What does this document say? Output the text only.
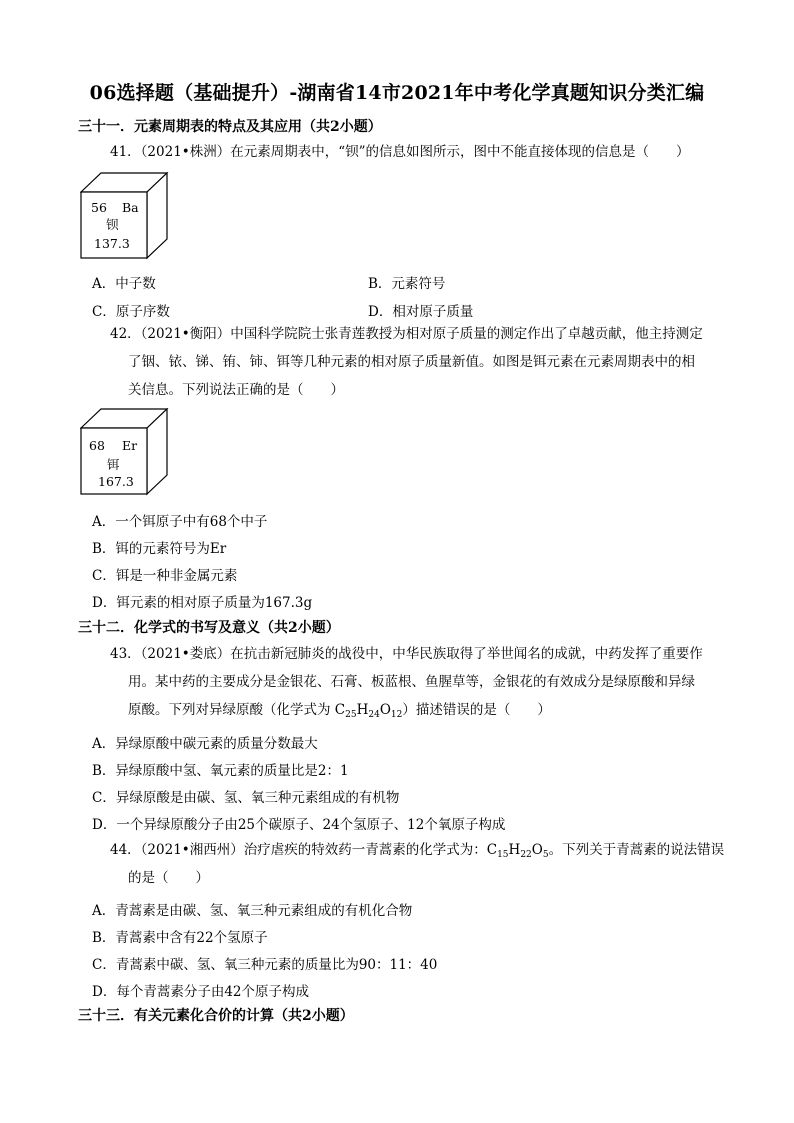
06选择题（基础提升）-湖南省14市2021年中考化学真题知识分类汇编
三十一．元素周期表的特点及其应用（共2小题）
41．（2021•株洲）在元素周期表中，“钡”的信息如图所示，图中不能直接体现的信息是（　　）
56 Ba
钡
137.3
A．中子数	B．元素符号
C．原子序数	D．相对原子质量
42．（2021•衡阳）中国科学院院士张青莲教授为相对原子质量的测定作出了卓越贡献，他主持测定
了铟、铱、锑、铕、铈、铒等几种元素的相对原子质量新值。如图是铒元素在元素周期表中的相
关信息。下列说法正确的是（　　）
68 Er
铒
167.3
A．一个铒原子中有68个中子
B．铒的元素符号为Er
C．铒是一种非金属元素
D．铒元素的相对原子质量为167.3g
三十二．化学式的书写及意义（共2小题）
43．（2021•娄底）在抗击新冠肺炎的战役中，中华民族取得了举世闻名的成就，中药发挥了重要作
用。某中药的主要成分是金银花、石膏、板蓝根、鱼腥草等，金银花的有效成分是绿原酸和异绿
原酸。下列对异绿原酸（化学式为 $C_{25}H_{24}O_{12}$）描述错误的是（　　）
A．异绿原酸中碳元素的质量分数最大
B．异绿原酸中氢、氧元素的质量比是2：1
C．异绿原酸是由碳、氢、氧三种元素组成的有机物
D．一个异绿原酸分子由25个碳原子、24个氢原子、12个氧原子构成
44．（2021•湘西州）治疗虐疾的特效药一青蒿素的化学式为：$C_{15}H_{22}O_5$。下列关于青蒿素的说法错误
的是（　　）
A．青蒿素是由碳、氢、氧三种元素组成的有机化合物
B．青蒿素中含有22个氢原子
C．青蒿素中碳、氢、氧三种元素的质量比为90：11：40
D．每个青蒿素分子由42个原子构成
三十三．有关元素化合价的计算（共2小题）
